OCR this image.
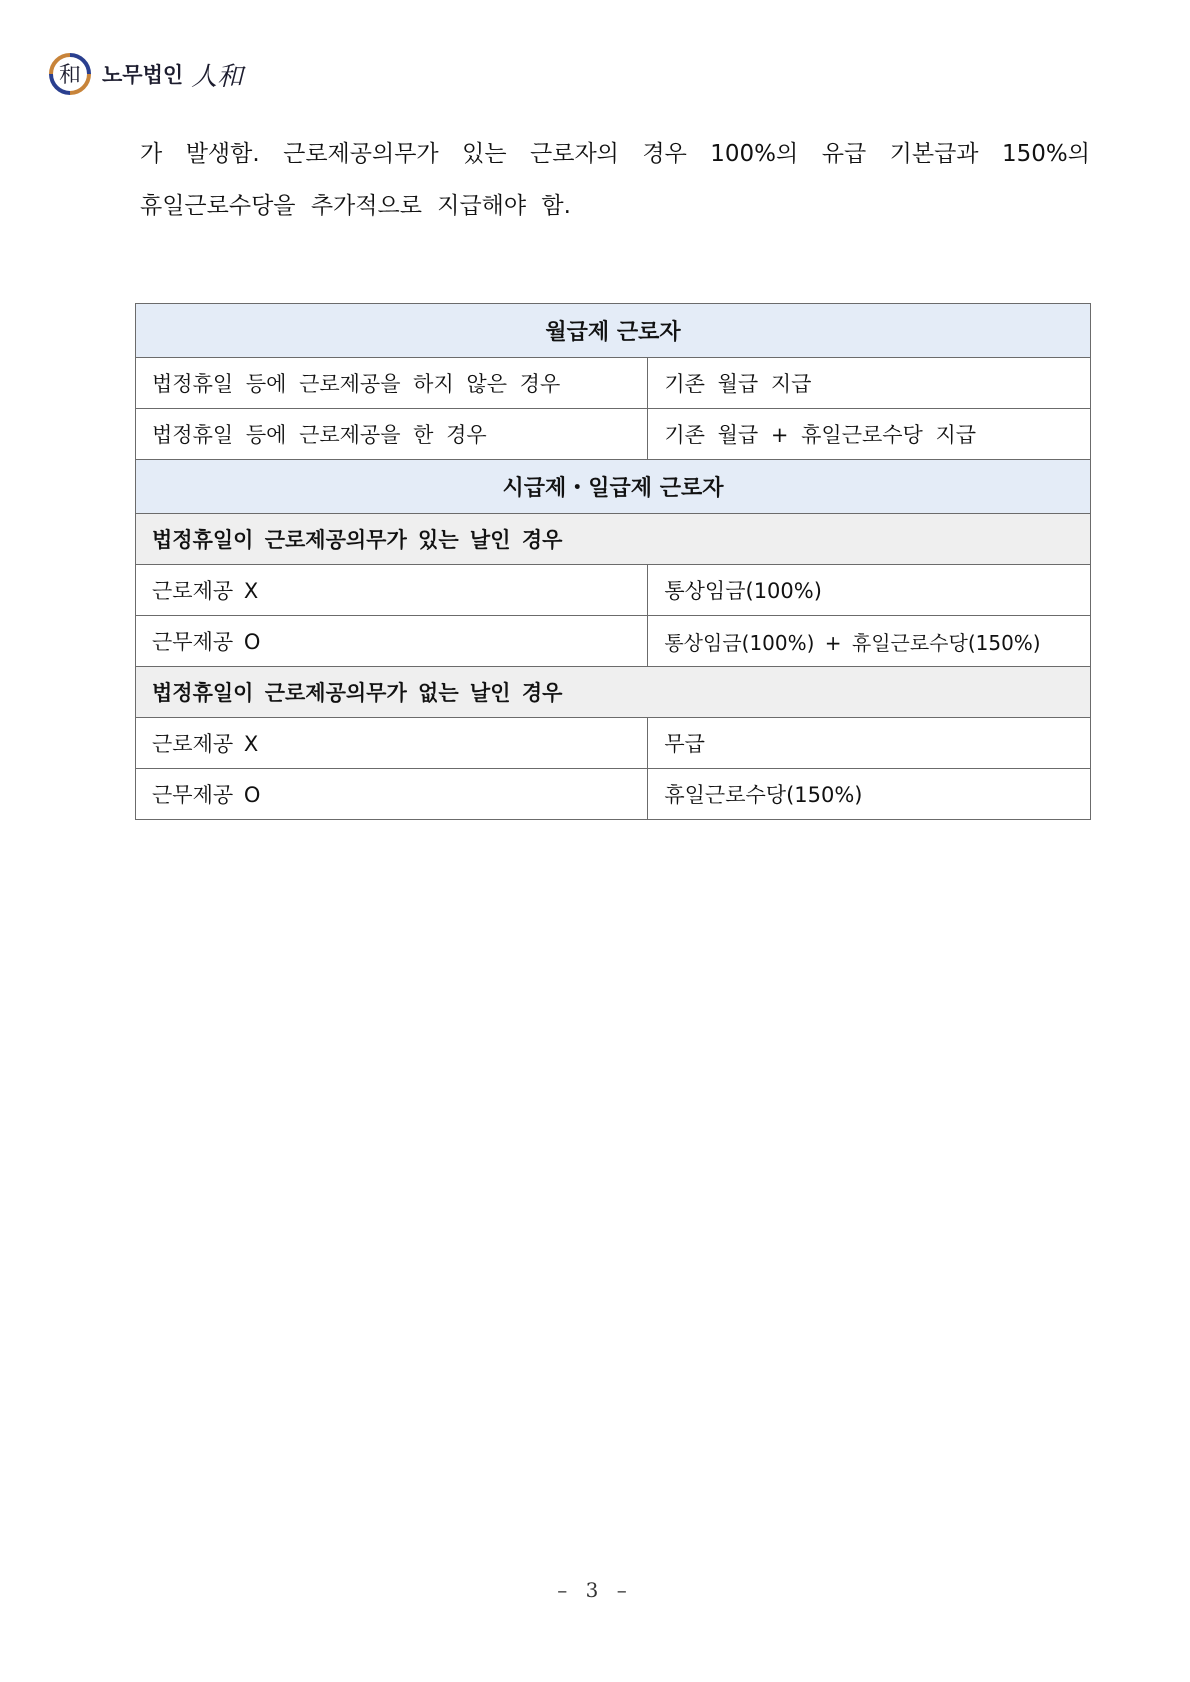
和 노무법인 人和

가 발생함. 근로제공의무가 있는 근로자의 경우 100%의 유급 기본급과 150%의

휴일근로수당을 추가적으로 지급해야 함.

월급제 근로자	
법정휴일 등에 근로제공을 하지 않은 경우	기존 월급 지급
법정휴일 등에 근로제공을 한 경우	기존 월급 + 휴일근로수당 지급
시급제・일급제 근로자	
법정휴일이 근로제공의무가 있는 날인 경우	
근로제공 X	통상임금(100%)
근무제공 O	통상임금(100%) + 휴일근로수당(150%)
법정휴일이 근로제공의무가 없는 날인 경우	
근로제공 X	무급
근무제공 O	휴일근로수당(150%)
– 3 –
